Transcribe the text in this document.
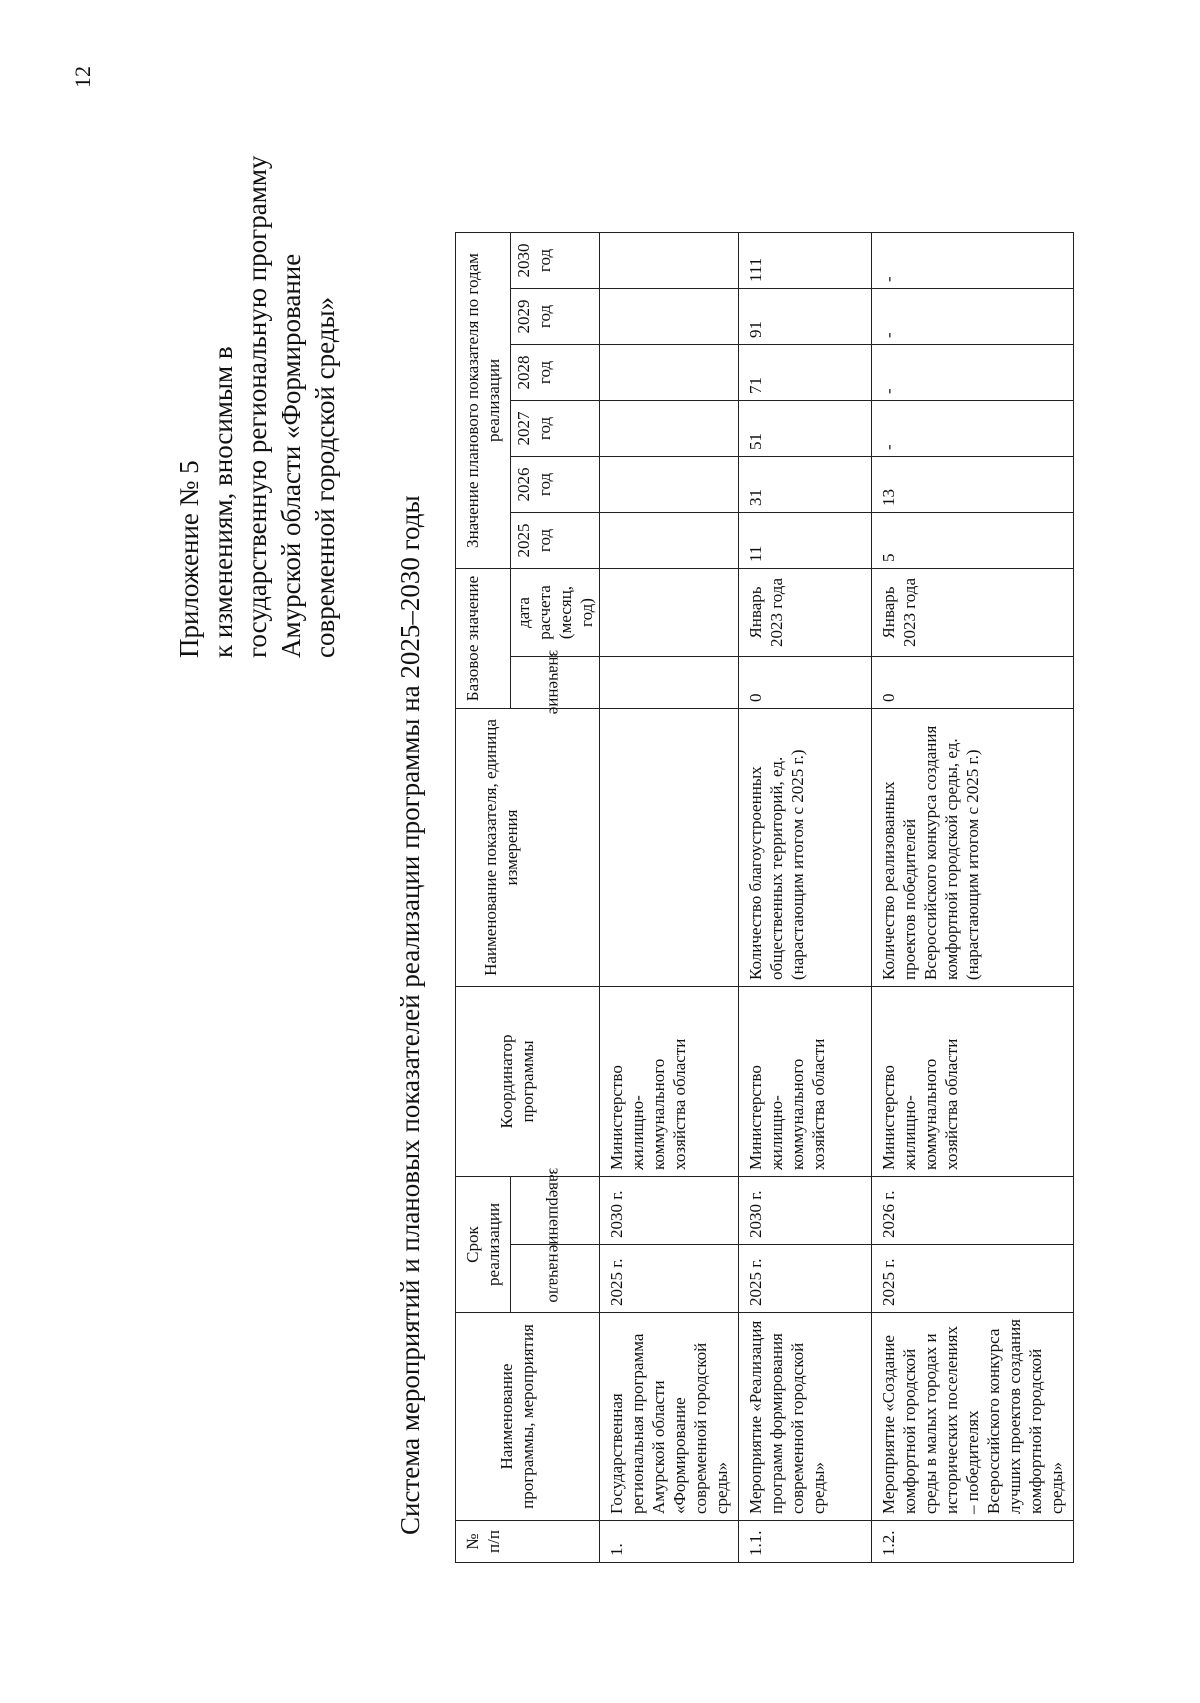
12
Приложение № 5 к изменениям, вносимым в государственную региональную программу Амурской области «Формирование современной городской среды»
Система мероприятий и плановых показателей реализации программы на 2025–2030 годы
№ п/п	Наименование программы, мероприятия	Срок реализации		Координатор программы	Наименование показателя, единица измерения	Базовое значение		Значение планового показателя по годам реализации					

		начало	завершение			значение	дата расчета (месяц, год)	2025 год	2026 год	2027 год	2028 год	2029 год	2030 год
1.	Государственная региональная программа Амурской области «Формирование современной городской среды»	2025 г.	2030 г.	Министерство жилищно-коммунального хозяйства области									
1.1.	Мероприятие «Реализация программ формирования современной городской среды»	2025 г.	2030 г.	Министерство жилищно-коммунального хозяйства области	Количество благоустроенных общественных территорий, ед. (нарастающим итогом с 2025 г.)	0	Январь 2023 года	11	31	51	71	91	111
1.2.	Мероприятие «Создание комфортной городской среды в малых городах и исторических поселениях – победителях Всероссийского конкурса лучших проектов создания комфортной городской среды»	2025 г.	2026 г.	Министерство жилищно-коммунального хозяйства области	Количество реализованных проектов победителей Всероссийского конкурса создания комфортной городской среды, ед. (нарастающим итогом с 2025 г.)	0	Январь 2023 года	5	13	-	-	-	-
